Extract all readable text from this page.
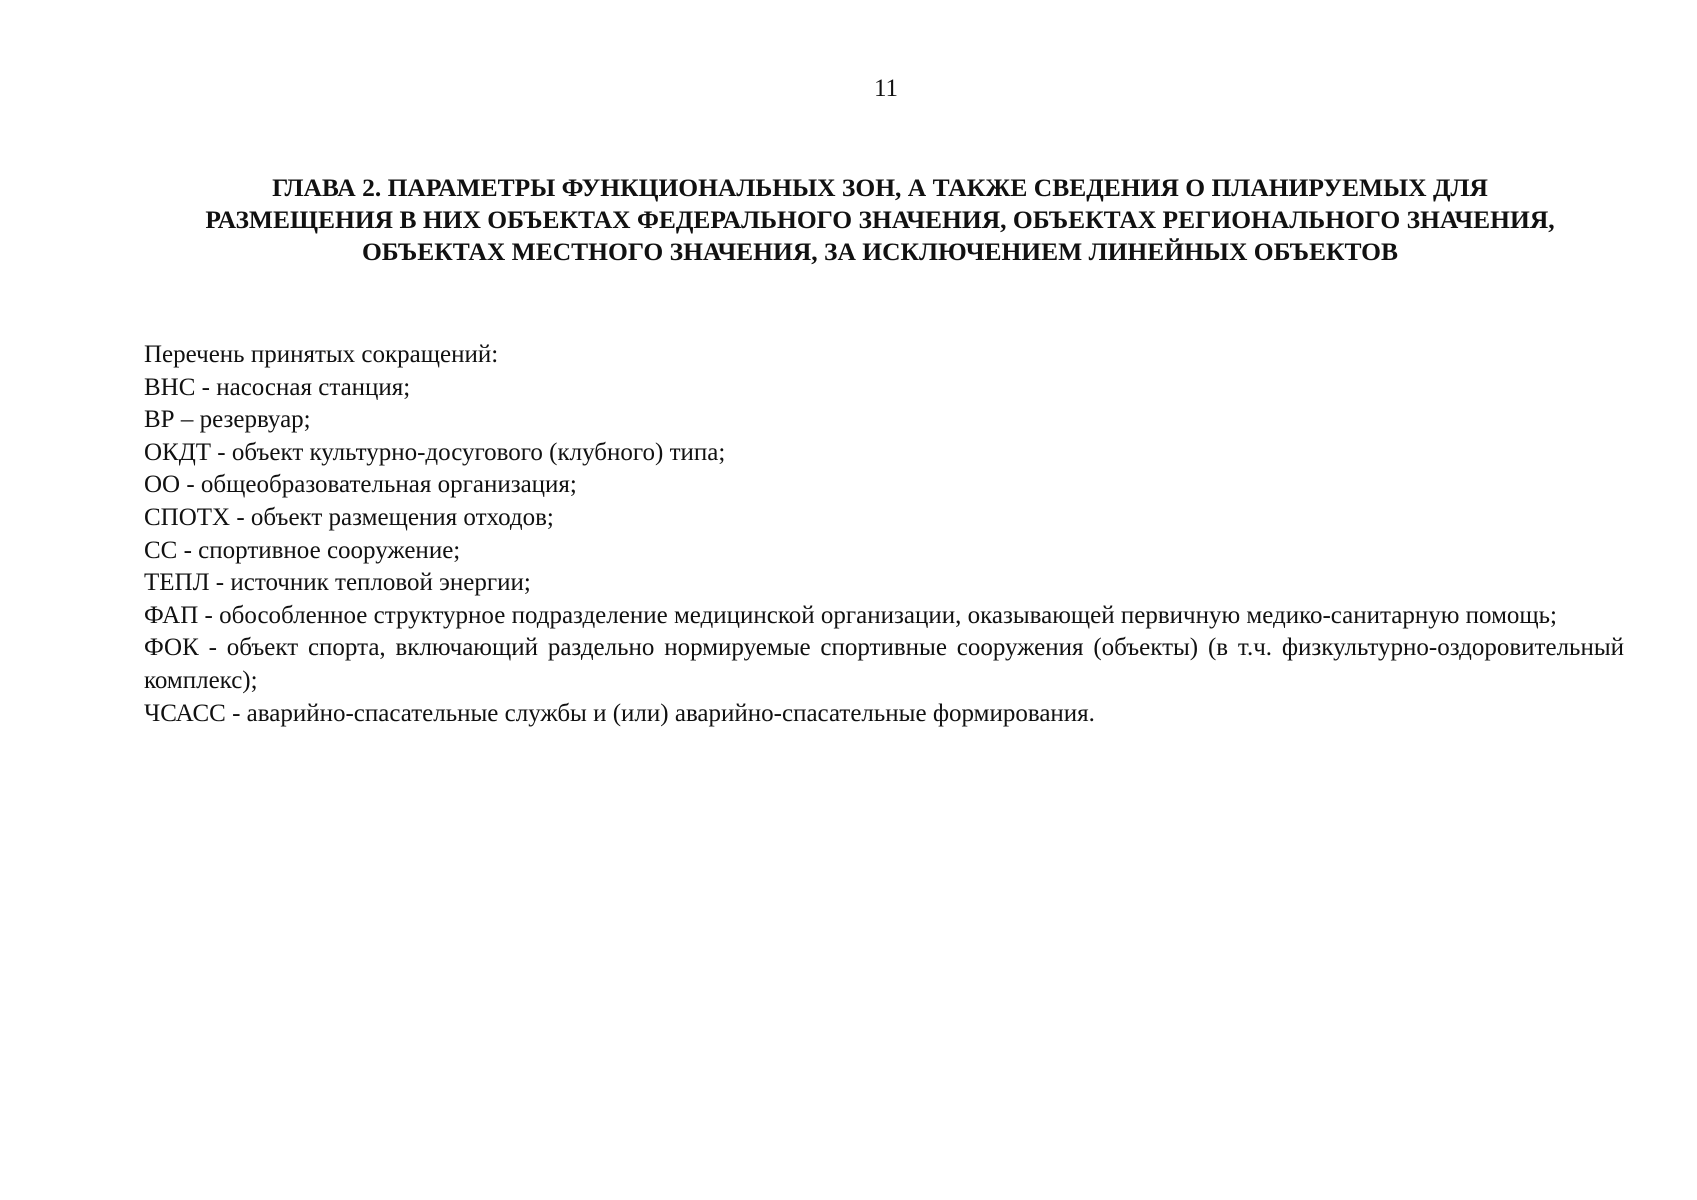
11
ГЛАВА 2. ПАРАМЕТРЫ ФУНКЦИОНАЛЬНЫХ ЗОН, А ТАКЖЕ СВЕДЕНИЯ О ПЛАНИРУЕМЫХ ДЛЯ РАЗМЕЩЕНИЯ В НИХ ОБЪЕКТАХ ФЕДЕРАЛЬНОГО ЗНАЧЕНИЯ, ОБЪЕКТАХ РЕГИОНАЛЬНОГО ЗНАЧЕНИЯ, ОБЪЕКТАХ МЕСТНОГО ЗНАЧЕНИЯ, ЗА ИСКЛЮЧЕНИЕМ ЛИНЕЙНЫХ ОБЪЕКТОВ

Перечень принятых сокращений:

ВНС - насосная станция;

ВР – резервуар;

ОКДТ - объект культурно-досугового (клубного) типа;

ОО - общеобразовательная организация;

СПОТХ - объект размещения отходов;

СС - спортивное сооружение;

ТЕПЛ - источник тепловой энергии;

ФАП - обособленное структурное подразделение медицинской организации, оказывающей первичную медико-санитарную помощь;

ФОК - объект спорта, включающий раздельно нормируемые спортивные сооружения (объекты) (в т.ч. физкультурно-оздоровительный комплекс);

ЧСАСС - аварийно-спасательные службы и (или) аварийно-спасательные формирования.
